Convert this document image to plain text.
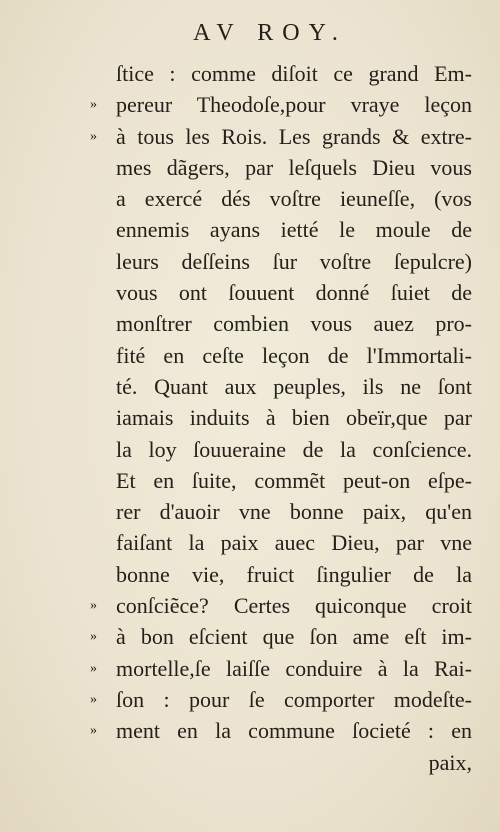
AV ROY.
ſtice : comme diſoit ce grand Em-
» pereur Theodoſe,pour vraye leçon
» à tous les Rois. Les grands & extre-
mes dãgers, par leſquels Dieu vous
a exercé dés voſtre ieuneſſe, (vos
ennemis ayans ietté le moule de
leurs deſſeins ſur voſtre ſepulcre)
vous ont ſouuent donné ſuiet de
monſtrer combien vous auez pro-
fité en ceſte leçon de l'Immortali-
té. Quant aux peuples, ils ne ſont
iamais induits à bien obeïr,que par
la loy ſouueraine de la conſcience.
Et en ſuite, commẽt peut-on eſpe-
rer d'auoir vne bonne paix, qu'en
faiſant la paix auec Dieu, par vne
bonne vie, fruict ſingulier de la
» conſciẽce? Certes quiconque croit
» à bon eſcient que ſon ame eſt im-
» mortelle,ſe laiſſe conduire à la Rai-
» ſon : pour ſe comporter modeſte-
» ment en la commune ſocieté : en
paix,
